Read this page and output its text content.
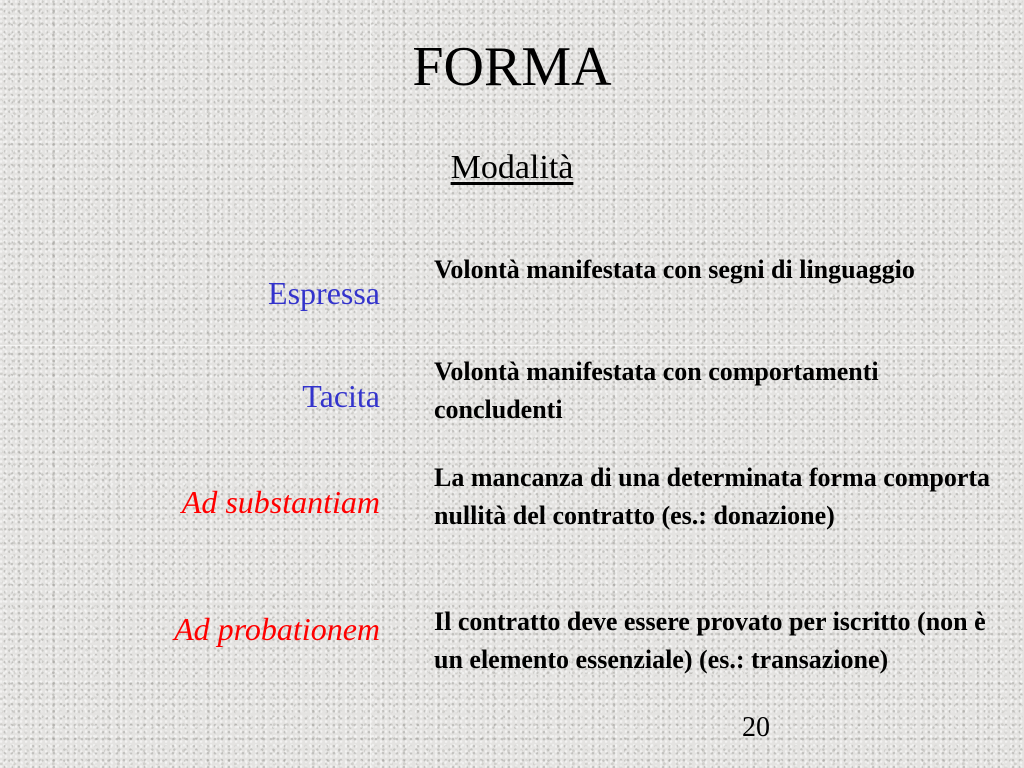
FORMA
Modalità
Espressa
Volontà manifestata con segni di linguaggio
Tacita
Volontà manifestata con comportamenti concludenti
Ad substantiam
La mancanza di una determinata forma comporta nullità del contratto (es.: donazione)
Ad probationem Il contratto deve essere provato per iscritto (non è un elemento essenziale) (es.: transazione)
20
